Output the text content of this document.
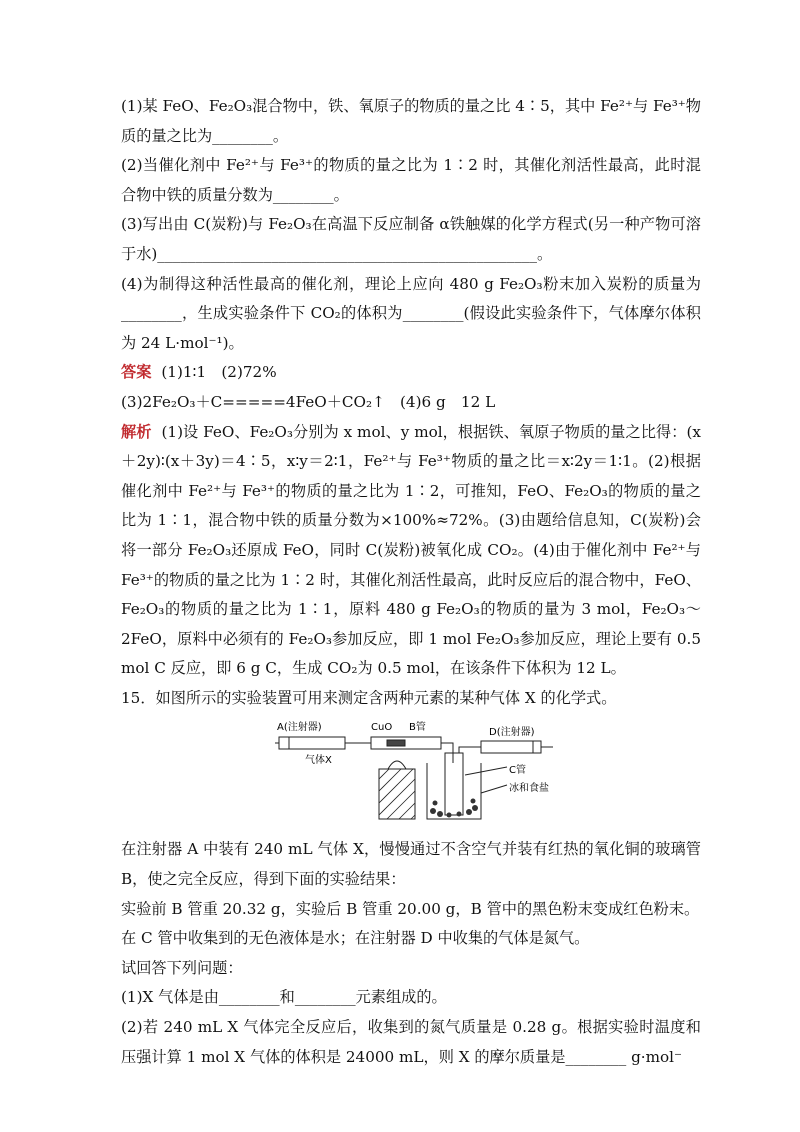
(1)某 FeO、Fe₂O₃混合物中，铁、氧原子的物质的量之比 4∶5，其中 Fe²⁺与 Fe³⁺物质的量之比为________。

(2)当催化剂中 Fe²⁺与 Fe³⁺的物质的量之比为 1∶2 时，其催化剂活性最高，此时混合物中铁的质量分数为________。

(3)写出由 C(炭粉)与 Fe₂O₃在高温下反应制备 α铁触媒的化学方程式(另一种产物可溶于水)__________________________________________________。

(4)为制得这种活性最高的催化剂，理论上应向 480 g Fe₂O₃粉末加入炭粉的质量为________，生成实验条件下 CO₂的体积为________(假设此实验条件下，气体摩尔体积为 24 L·mol⁻¹)。

答案 (1)1∶1　(2)72%

(3)2Fe₂O₃＋C=====4FeO＋CO₂↑　(4)6 g　12 L

解析 (1)设 FeO、Fe₂O₃分别为 x mol、y mol，根据铁、氧原子物质的量之比得：(x＋2y)∶(x＋3y)＝4∶5，x∶y＝2∶1，Fe²⁺与 Fe³⁺物质的量之比＝x∶2y＝1∶1。(2)根据催化剂中 Fe²⁺与 Fe³⁺的物质的量之比为 1∶2，可推知，FeO、Fe₂O₃的物质的量之比为 1∶1，混合物中铁的质量分数为×100%≈72%。(3)由题给信息知，C(炭粉)会将一部分 Fe₂O₃还原成 FeO，同时 C(炭粉)被氧化成 CO₂。(4)由于催化剂中 Fe²⁺与 Fe³⁺的物质的量之比为 1∶2 时，其催化剂活性最高，此时反应后的混合物中，FeO、Fe₂O₃的物质的量之比为 1∶1，原料 480 g Fe₂O₃的物质的量为 3 mol，Fe₂O₃～2FeO，原料中必须有的 Fe₂O₃参加反应，即 1 mol Fe₂O₃参加反应，理论上要有 0.5 mol C 反应，即 6 g C，生成 CO₂为 0.5 mol，在该条件下体积为 12 L。

15．如图所示的实验装置可用来测定含两种元素的某种气体 X 的化学式。

A(注射器)	CuO B管
气体X
D(注射器)
C管
冰和食盐

在注射器 A 中装有 240 mL 气体 X，慢慢通过不含空气并装有红热的氧化铜的玻璃管 B，使之完全反应，得到下面的实验结果：

实验前 B 管重 20.32 g，实验后 B 管重 20.00 g，B 管中的黑色粉末变成红色粉末。

在 C 管中收集到的无色液体是水；在注射器 D 中收集的气体是氮气。

试回答下列问题：

(1)X 气体是由________和________元素组成的。

(2)若 240 mL X 气体完全反应后，收集到的氮气质量是 0.28 g。根据实验时温度和压强计算 1 mol X 气体的体积是 24000 mL，则 X 的摩尔质量是________ g·mol⁻
